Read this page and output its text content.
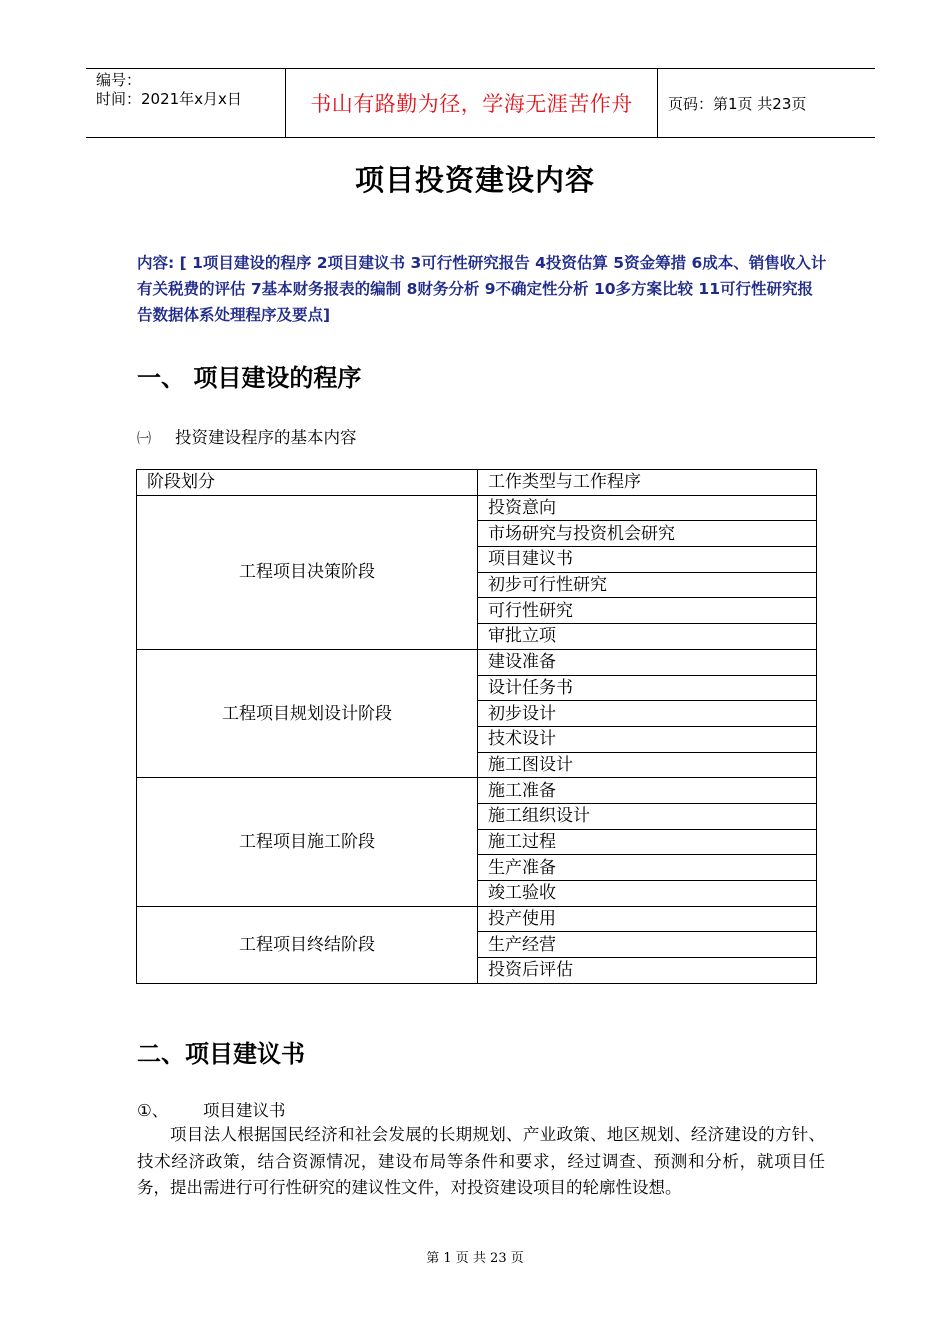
编号：
时间：2021年x月x日	书山有路勤为径，学海无涯苦作舟 页码：第1页 共23页
项目投资建设内容
内容: [ 1项目建设的程序 2项目建议书 3可行性研究报告 4投资估算 5资金筹措 6成本、销售收入计有关税费的评估 7基本财务报表的编制 8财务分析 9不确定性分析 10多方案比较 11可行性研究报告数据体系处理程序及要点]
一、 项目建设的程序
㈠ 投资建设程序的基本内容
阶段划分	工作类型与工作程序
工程项目决策阶段	投资意向
	市场研究与投资机会研究
	项目建议书
	初步可行性研究
	可行性研究
	审批立项
工程项目规划设计阶段	建设准备
	设计任务书
	初步设计
	技术设计
	施工图设计
工程项目施工阶段	施工准备
	施工组织设计
	施工过程
	生产准备
	竣工验收
工程项目终结阶段	投产使用
	生产经营
	投资后评估
二、项目建议书
①、 项目建议书
项目法人根据国民经济和社会发展的长期规划、产业政策、地区规划、经济建设的方针、技术经济政策，结合资源情况，建设布局等条件和要求，经过调查、预测和分析，就项目任务，提出需进行可行性研究的建议性文件，对投资建设项目的轮廓性设想。
第 1 页 共 23 页
